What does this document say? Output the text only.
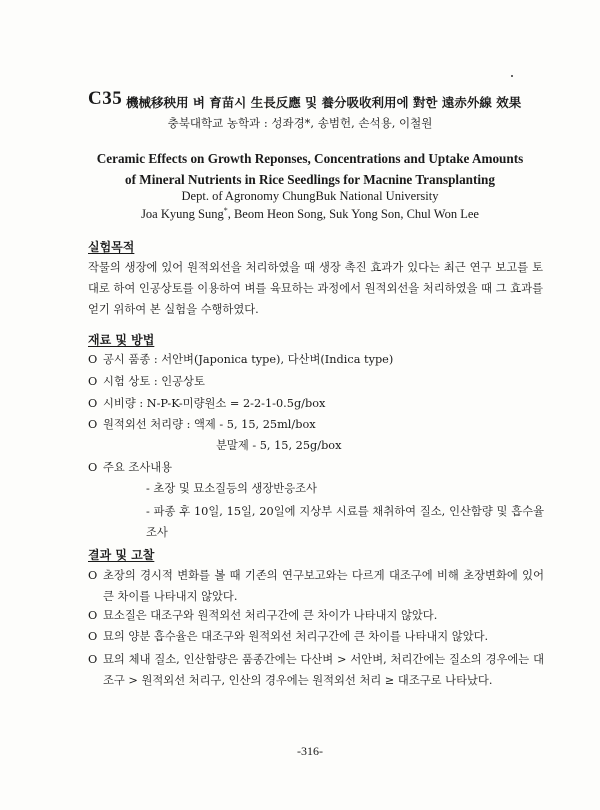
C35 機械移秧用 벼 育苗시 生長反應 및 養分吸收利用에 對한 遠赤外線 效果
충북대학교 농학과 : 성좌경*, 송범헌, 손석용, 이철원
Ceramic Effects on Growth Reponses, Concentrations and Uptake Amounts
of Mineral Nutrients in Rice Seedlings for Macnine Transplanting
Dept. of Agronomy ChungBuk National University
Joa Kyung Sung*, Beom Heon Song, Suk Yong Son, Chul Won Lee
실험목적
작물의 생장에 있어 원적외선을 처리하였을 때 생장 촉진 효과가 있다는 최근 연구 보고를 토대로 하여 인공상토를 이용하여 벼를 육묘하는 과정에서 원적외선을 처리하였을 때 그 효과를 얻기 위하여 본 실험을 수행하였다.
재료 및 방법
O 공시 품종 : 서안벼(Japonica type), 다산벼(Indica type)
O 시험 상토 : 인공상토
O 시비량 : N-P-K-미량원소 = 2-2-1-0.5g/box
O 원적외선 처리량 : 액제 - 5, 15, 25ml/box
분말제 - 5, 15, 25g/box
O 주요 조사내용
- 초장 및 묘소질등의 생장반응조사
- 파종 후 10일, 15일, 20일에 지상부 시료를 채취하여 질소, 인산함량 및 흡수율 조사
결과 및 고찰
O 초장의 경시적 변화를 볼 때 기존의 연구보고와는 다르게 대조구에 비해 초장변화에 있어 큰 차이를 나타내지 않았다.
O 묘소질은 대조구와 원적외선 처리구간에 큰 차이가 나타내지 않았다.
O 묘의 양분 흡수율은 대조구와 원적외선 처리구간에 큰 차이를 나타내지 않았다.
O 묘의 체내 질소, 인산함량은 품종간에는 다산벼 > 서안벼, 처리간에는 질소의 경우에는 대조구 > 원적외선 처리구, 인산의 경우에는 원적외선 처리 ≥ 대조구로 나타났다.
-316-
